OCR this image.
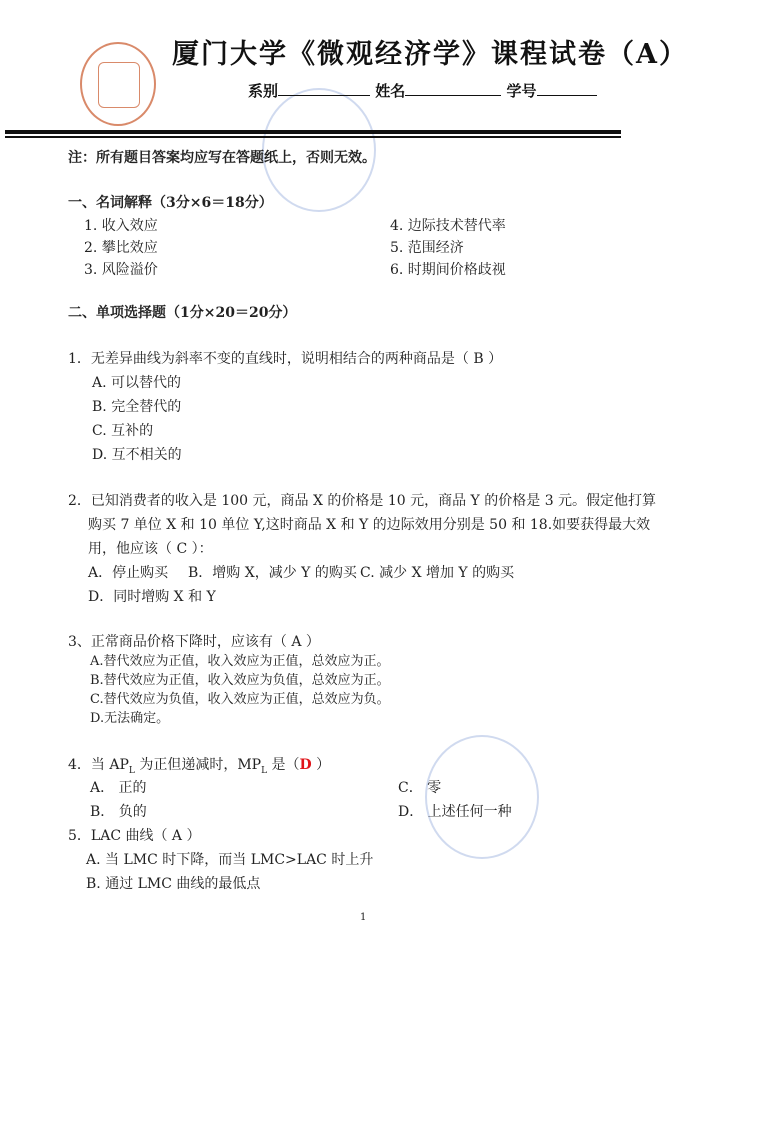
厦门大学《微观经济学》课程试卷（A）
系别	姓名	学号
注：所有题目答案均应写在答题纸上，否则无效。
一、名词解释（3分×6＝18分）
1. 收入效应
2. 攀比效应
3. 风险溢价
4. 边际技术替代率
5. 范围经济
6. 时期间价格歧视
二、单项选择题（1分×20＝20分）
1．无差异曲线为斜率不变的直线时，说明相结合的两种商品是（ B ）
A. 可以替代的
B. 完全替代的
C. 互补的
D. 互不相关的
2．已知消费者的收入是 100 元，商品 X 的价格是 10 元，商品 Y 的价格是 3 元。假定他打算
购买 7 单位 X 和 10 单位 Y,这时商品 X 和 Y 的边际效用分别是 50 和 18.如要获得最大效
用，他应该（ C ）：
A．停止购买 B．增购 X，减少 Y 的购买 C. 减少 X 增加 Y 的购买
D．同时增购 X 和 Y
3、正常商品价格下降时，应该有（ A ）
A.替代效应为正值，收入效应为正值，总效应为正。
B.替代效应为正值，收入效应为负值，总效应为正。
C.替代效应为负值，收入效应为正值，总效应为负。
D.无法确定。
4．当 $AP_L$ 为正但递减时，$MP_L$ 是（D ）
A． 正的
B． 负的
C． 零
D． 上述任何一种
5．LAC 曲线（ A ）
A. 当 LMC 时下降，而当 LMC>LAC 时上升
B. 通过 LMC 曲线的最低点
1
